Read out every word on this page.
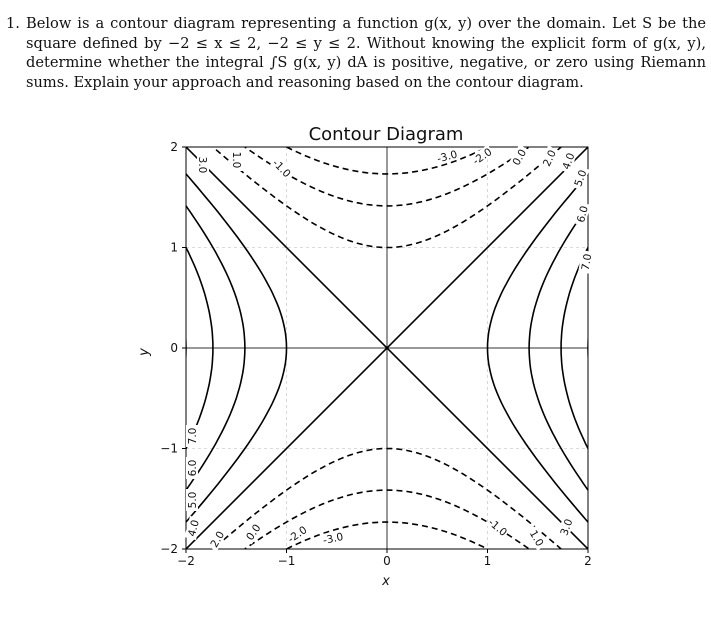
1. Below is a contour diagram representing a function g(x, y) over the domain. Let S be the square defined by −2 ≤ x ≤ 2, −2 ≤ y ≤ 2. Without knowing the explicit form of g(x, y), determine whether the integral ∫S g(x, y) dA is positive, negative, or zero using Riemann sums. Explain your approach and reasoning based on the contour diagram.
Contour Diagram
−2	−1	0	1	2
2
1
0
−1
−2
3.0 1.0	-1.0
-3.0 -2.0 0.0 2.0 4.0
5.0
6.0
7.0
7.0
6.0
5.0
4.0
2.0 0.0 -2.0 -3.0
-1.0 1.0
3.0
x
y
